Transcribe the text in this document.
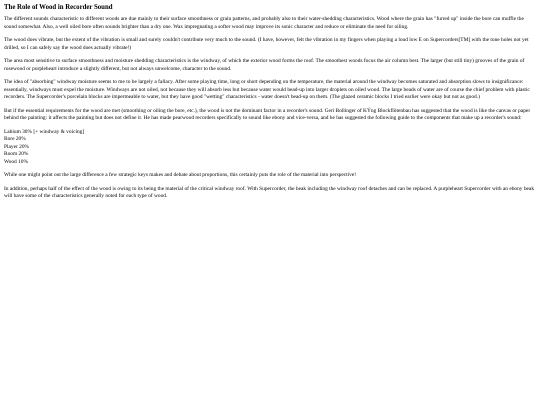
The Role of Wood in Recorder Sound

The different sounds characteristic to different woods are due mainly to their surface smoothness or grain patterns, and probably also to their water-shedding characteristics. Wood where the grain has "furred up" inside the bore can muffle the sound somewhat. Also, a well oiled bore often sounds brighter than a dry one. Wax impregnating a softer wood may improve its sonic character and reduce or eliminate the need for oiling.

The wood does vibrate, but the extent of the vibration is small and surely couldn't contribute very much to the sound. (I have, however, felt the vibration in my fingers when playing a loud low E on Supercorders[TM] with the tone holes not yet drilled, so I can safely say the wood does actually vibrate!)

The area most sensitive to surface smoothness and moisture shedding characteristics is the windway, of which the exterior wood forms the roof. The smoothest woods focus the air column best. The larger (but still tiny) grooves of the grain of rosewood or purpleheart introduce a slightly different, but not always unwelcome, character to the sound.

The idea of "absorbing" windway moisture seems to me to be largely a fallacy. After some playing time, long or short depending on the temperature, the material around the windway becomes saturated and absorption slows to insignificance: essentially, windways must expel the moisture. Windways are not oiled, not because they will absorb less but because water would bead-up into larger droplets on oiled wood. The large beads of water are of course the chief problem with plastic recorders. The Supercorder's porcelain blocks are impermeable to water, but they have good "wetting" characteristics - water doesn't bead-up on them. (The glazed ceramic blocks I tried earlier were okay but not as good.)

But if the essential requirements for the wood are met (smoothing or oiling the bore, etc.), the wood is not the dominant factor in a recorder's sound. Geri Bollinger of KÝng Blockflötenbau has suggested that the wood is like the canvas or paper behind the painting: it affects the painting but does not define it. He has made pearwood recorders specifically to sound like ebony and vice-versa, and he has suggested the following guide to the components that make up a recorder's sound:

Labium 30% [+ windway & voicing]
Bore 20%
Player 20%
Room 20%
Wood 10%

While one might point out the large difference a few strategic keys makes and debate about proportions, this certainly puts the role of the material into perspective!

In addition, perhaps half of the effect of the wood is owing to its being the material of the critical windway roof. With Supercorder, the beak including the windway roof detaches and can be replaced. A purpleheart Supercorder with an ebony beak will have some of the characteristics generally noted for each type of wood.
